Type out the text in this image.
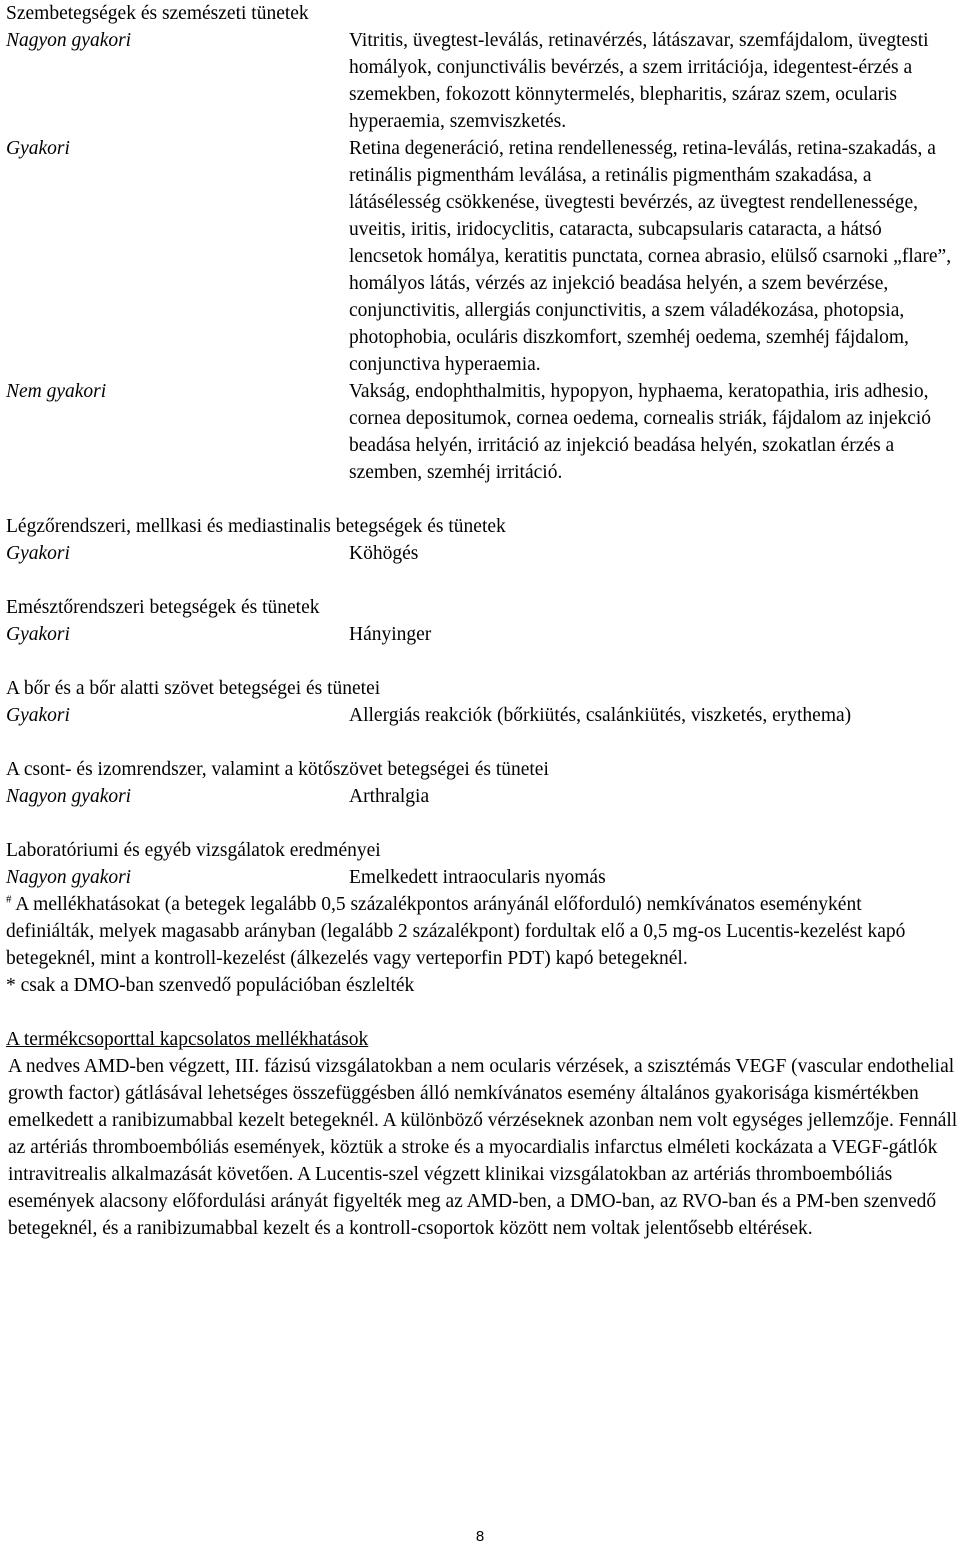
Szembetegségek és szemészeti tünetek
Nagyon gyakori	Vitritis, üvegtest-leválás, retinavérzés, látászavar, szemfájdalom, üvegtesti homályok, conjunctivális bevérzés, a szem irritációja, idegentest-érzés a szemekben, fokozott könnytermelés, blepharitis, száraz szem, ocularis hyperaemia, szemviszketés.
Gyakori	Retina degeneráció, retina rendellenesség, retina-leválás, retina-szakadás, a retinális pigmenthám leválása, a retinális pigmenthám szakadása, a látásélesség csökkenése, üvegtesti bevérzés, az üvegtest rendellenessége, uveitis, iritis, iridocyclitis, cataracta, subcapsularis cataracta, a hátsó lencsetok homálya, keratitis punctata, cornea abrasio, elülső csarnoki „flare”, homályos látás, vérzés az injekció beadása helyén, a szem bevérzése, conjunctivitis, allergiás conjunctivitis, a szem váladékozása, photopsia, photophobia, oculáris diszkomfort, szemhéj oedema, szemhéj fájdalom, conjunctiva hyperaemia.
Nem gyakori	Vakság, endophthalmitis, hypopyon, hyphaema, keratopathia, iris adhesio, cornea depositumok, cornea oedema, cornealis striák, fájdalom az injekció beadása helyén, irritáció az injekció beadása helyén, szokatlan érzés a szemben, szemhéj irritáció.
Légzőrendszeri, mellkasi és mediastinalis betegségek és tünetek
Gyakori	Köhögés
Emésztőrendszeri betegségek és tünetek
Gyakori	Hányinger
A bőr és a bőr alatti szövet betegségei és tünetei
Gyakori	Allergiás reakciók (bőrkiütés, csalánkiütés, viszketés, erythema)
A csont- és izomrendszer, valamint a kötőszövet betegségei és tünetei
Nagyon gyakori	Arthralgia
Laboratóriumi és egyéb vizsgálatok eredményei
Nagyon gyakori	Emelkedett intraocularis nyomás

# A mellékhatásokat (a betegek legalább 0,5 százalékpontos arányánál előforduló) nemkívánatos eseményként definiálták, melyek magasabb arányban (legalább 2 százalékpont) fordultak elő a 0,5 mg-os Lucentis-kezelést kapó betegeknél, mint a kontroll-kezelést (álkezelés vagy verteporfin PDT) kapó betegeknél.

* csak a DMO-ban szenvedő populációban észlelték

A termékcsoporttal kapcsolatos mellékhatások

A nedves AMD-ben végzett, III. fázisú vizsgálatokban a nem ocularis vérzések, a szisztémás VEGF (vascular endothelial growth factor) gátlásával lehetséges összefüggésben álló nemkívánatos esemény általános gyakorisága kismértékben emelkedett a ranibizumabbal kezelt betegeknél. A különböző vérzéseknek azonban nem volt egységes jellemzője. Fennáll az artériás thromboembóliás események, köztük a stroke és a myocardialis infarctus elméleti kockázata a VEGF-gátlók intravitrealis alkalmazását követően. A Lucentis-szel végzett klinikai vizsgálatokban az artériás thromboembóliás események alacsony előfordulási arányát figyelték meg az AMD-ben, a DMO-ban, az RVO-ban és a PM-ben szenvedő betegeknél, és a ranibizumabbal kezelt és a kontroll-csoportok között nem voltak jelentősebb eltérések.

8
